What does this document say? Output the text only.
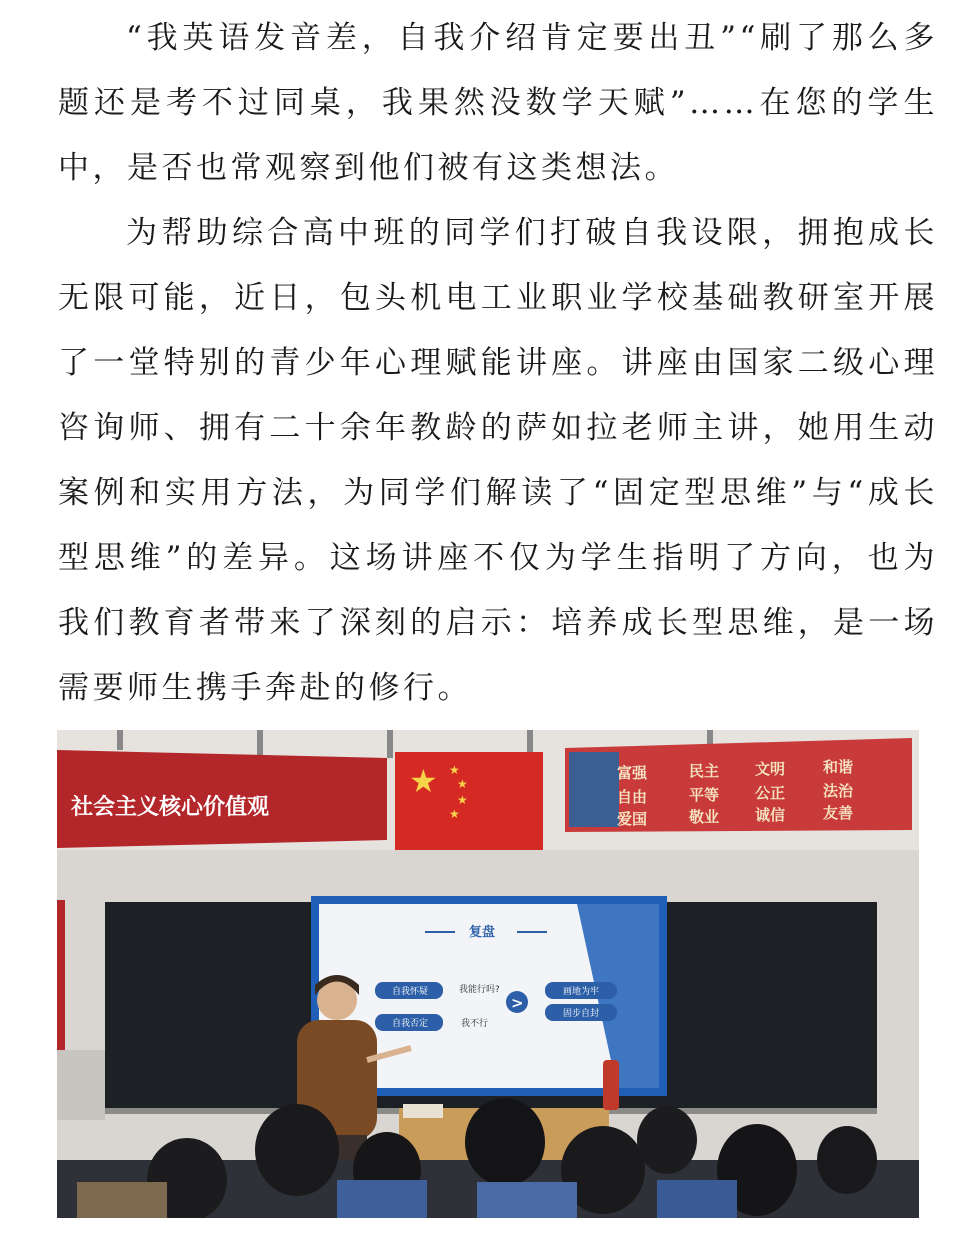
“我英语发音差，自我介绍肯定要出丑”“刷了那么多题还是考不过同桌，我果然没数学天赋”……在您的学生中，是否也常观察到他们被有这类想法。

为帮助综合高中班的同学们打破自我设限，拥抱成长无限可能，近日，包头机电工业职业学校基础教研室开展了一堂特别的青少年心理赋能讲座。讲座由国家二级心理咨询师、拥有二十余年教龄的萨如拉老师主讲，她用生动案例和实用方法，为同学们解读了“固定型思维”与“成长型思维”的差异。这场讲座不仅为学生指明了方向，也为我们教育者带来了深刻的启示：培养成长型思维，是一场需要师生携手奔赴的修行。

社会主义核心价值观
★ ★
★
★
★
富强	民主 文明	和谐
自由	平等 公正	法治
爱国	敬业 诚信	友善
复盘
自我怀疑
自我否定
我能行吗?
我不行
>
画地为牢
固步自封
